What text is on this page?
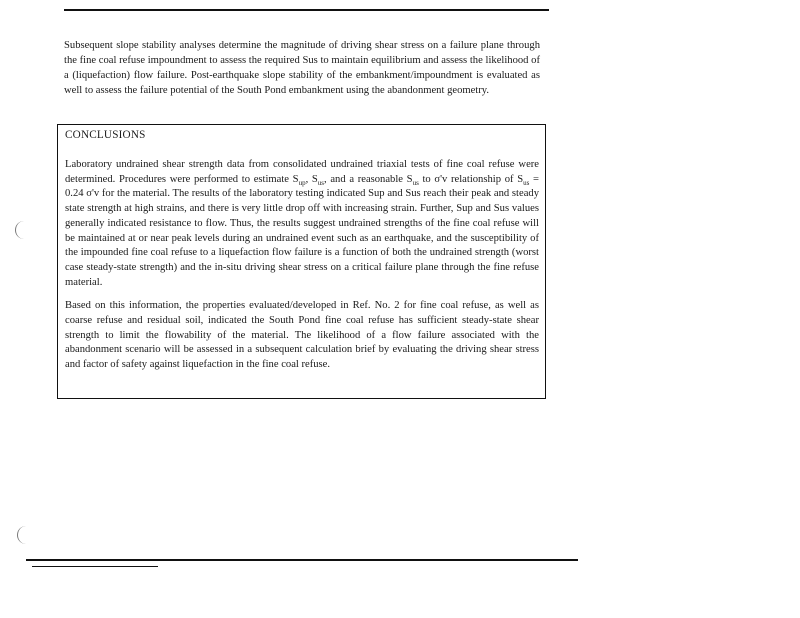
Subsequent slope stability analyses determine the magnitude of driving shear stress on a failure plane through the fine coal refuse impoundment to assess the required Sus to maintain equilibrium and assess the likelihood of a (liquefaction) flow failure. Post-earthquake slope stability of the embankment/impoundment is evaluated as well to assess the failure potential of the South Pond embankment using the abandonment geometry.

CONCLUSIONS

Laboratory undrained shear strength data from consolidated undrained triaxial tests of fine coal refuse were determined. Procedures were performed to estimate $S_{up}$, $S_{us}$, and a reasonable $S_{us}$ to σ'v relationship of $S_{us} = 0.24$ σ'v for the material. The results of the laboratory testing indicated Sup and Sus reach their peak and steady state strength at high strains, and there is very little drop off with increasing strain. Further, Sup and Sus values generally indicated resistance to flow. Thus, the results suggest undrained strengths of the fine coal refuse will be maintained at or near peak levels during an undrained event such as an earthquake, and the susceptibility of the impounded fine coal refuse to a liquefaction flow failure is a function of both the undrained strength (worst case steady-state strength) and the in-situ driving shear stress on a critical failure plane through the fine refuse material.

Based on this information, the properties evaluated/developed in Ref. No. 2 for fine coal refuse, as well as coarse refuse and residual soil, indicated the South Pond fine coal refuse has sufficient steady-state shear strength to limit the flowability of the material. The likelihood of a flow failure associated with the abandonment scenario will be assessed in a subsequent calculation brief by evaluating the driving shear stress and factor of safety against liquefaction in the fine coal refuse.
